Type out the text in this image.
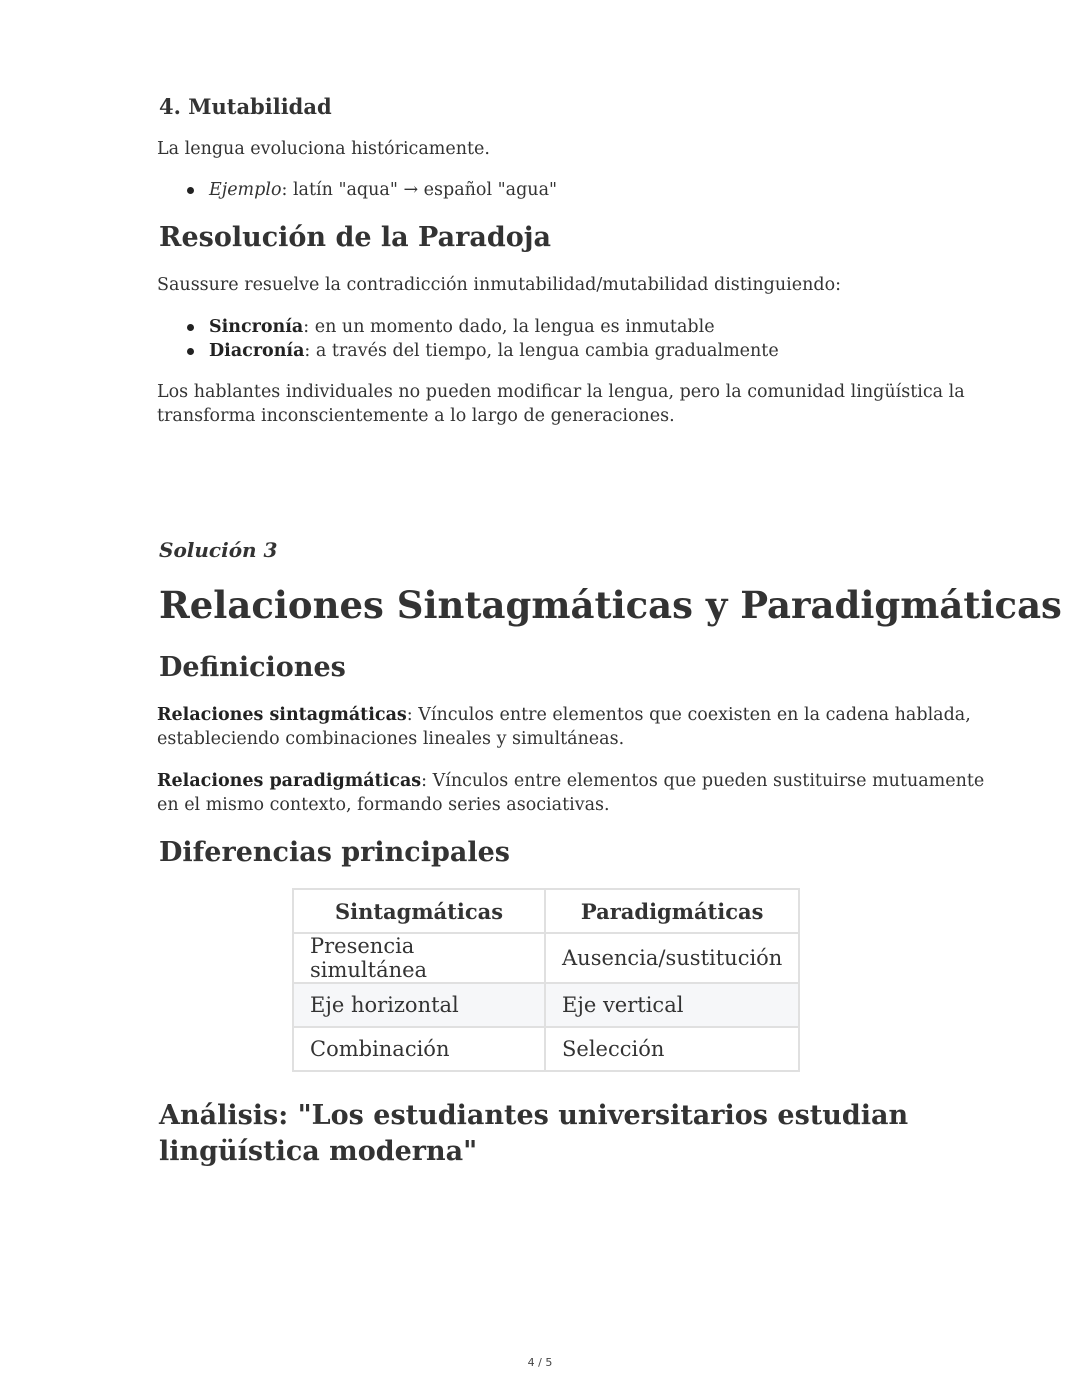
4. Mutabilidad

La lengua evoluciona históricamente.

Ejemplo: latín "aqua" → español "agua"
Resolución de la Paradoja

Saussure resuelve la contradicción inmutabilidad/mutabilidad distinguiendo:

Sincronía: en un momento dado, la lengua es inmutable
Diacronía: a través del tiempo, la lengua cambia gradualmente

Los hablantes individuales no pueden modificar la lengua, pero la comunidad lingüística la
transforma inconscientemente a lo largo de generaciones.

Solución 3
Relaciones Sintagmáticas y Paradigmáticas
Definiciones

Relaciones sintagmáticas: Vínculos entre elementos que coexisten en la cadena hablada,
estableciendo combinaciones lineales y simultáneas.

Relaciones paradigmáticas: Vínculos entre elementos que pueden sustituirse mutuamente
en el mismo contexto, formando series asociativas.

Diferencias principales
Sintagmáticas	Paradigmáticas
Presencia simultánea	Ausencia/sustitución
Eje horizontal	Eje vertical
Combinación	Selección
Análisis: "Los estudiantes universitarios estudian
lingüística moderna"
4 / 5
